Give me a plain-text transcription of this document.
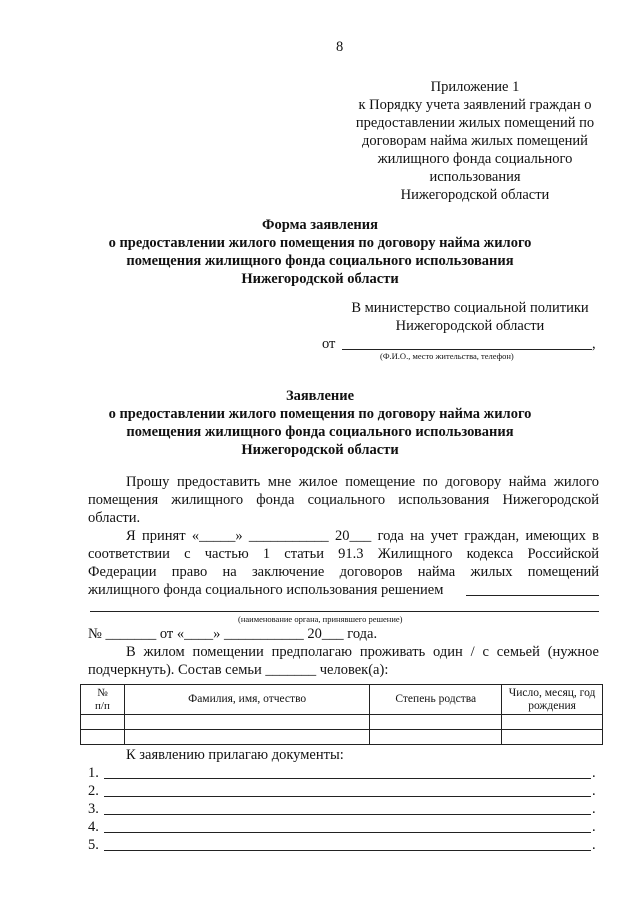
8
Приложение 1
к Порядку учета заявлений граждан о
предоставлении жилых помещений по
договорам найма жилых помещений
жилищного фонда социального
использования
Нижегородской области
Форма заявления
о предоставлении жилого помещения по договору найма жилого
помещения жилищного фонда социального использования
Нижегородской области
В министерство социальной политики
Нижегородской области
от	,
(Ф.И.О., место жительства, телефон)
Заявление
о предоставлении жилого помещения по договору найма жилого
помещения жилищного фонда социального использования
Нижегородской области
Прошу предоставить мне жилое помещение по договору найма жилого
помещения жилищного фонда социального использования Нижегородской
области.
Я принят «_____» ___________ 20___ года на учет граждан, имеющих в
соответствии с частью 1 статьи 91.3 Жилищного кодекса Российской
Федерации право на заключение договоров найма жилых помещений
жилищного фонда социального использования решением
(наименование органа, принявшего решение)
№ _______ от «____» ___________ 20___ года.
В жилом помещении предполагаю проживать один / с семьей (нужное
подчеркнуть). Состав семьи _______ человек(а):
№
п/п	Фамилия, имя, отчество	Степень родства	Число, месяц, год
рождения

К заявлению прилагаю документы:
1.	.
2.	.
3.	.
4.	.
5.	.
